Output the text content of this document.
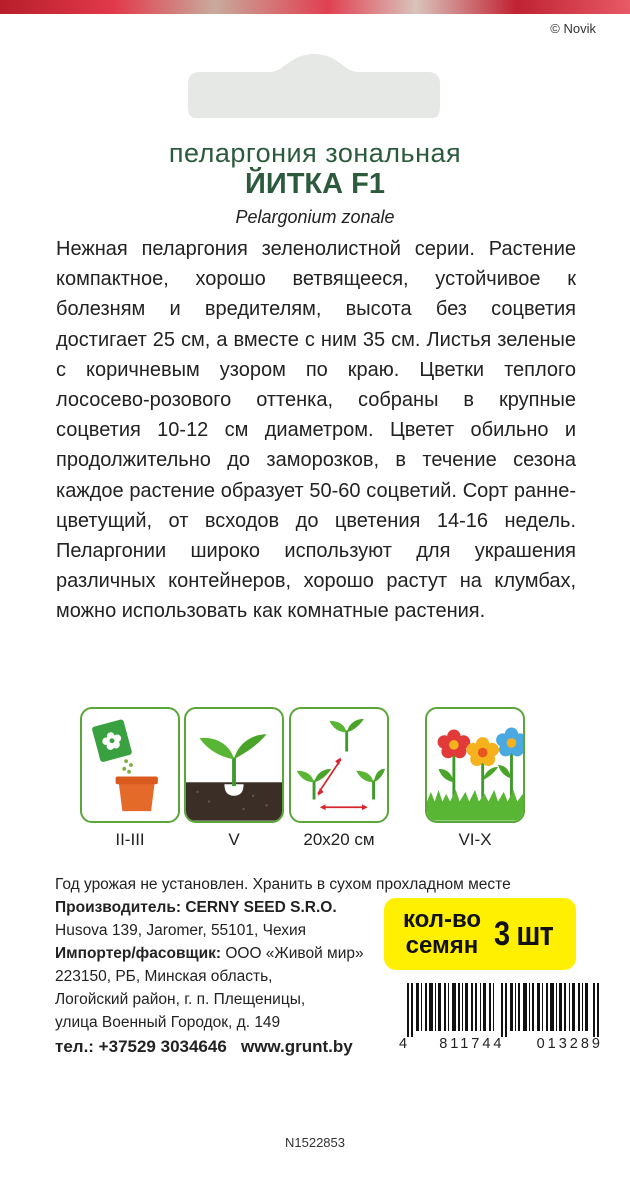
© Novik
пеларгония зональная
ЙИТКА F1
Pelargonium zonale
Нежная пеларгония зеленолистной серии. Растение компактное, хорошо ветвящееся, устойчивое к болезням и вредителям, высота без соцветия достигает 25 см, а вместе с ним 35 см. Листья зеленые с коричневым узором по краю. Цветки теплого лососево-розового оттенка, собраны в крупные соцветия 10-12 см диаметром. Цветет обильно и продолжительно до заморозков, в течение сезона каждое растение образует 50-60 соцветий. Сорт раннецветущий, от всходов до цветения 14-16 недель. Пеларгонии широко используют для украшения различных контейнеров, хорошо растут на клумбах, можно использовать как комнатные растения.
II-III	V	20x20 см	VI-X
Год урожая не установлен. Хранить в сухом прохладном месте
Производитель: CERNY SEED S.R.O.
Husova 139, Jaromer, 55101, Чехия
Импортер/фасовщик: ООО «Живой мир»
223150, РБ, Минская область,
Логойский район, г. п. Плещеницы,
улица Военный Городок, д. 149
тел.: +37529 3034646 www.grunt.by
кол-во
семян 3 шт
4 811744 013289
N1522853
